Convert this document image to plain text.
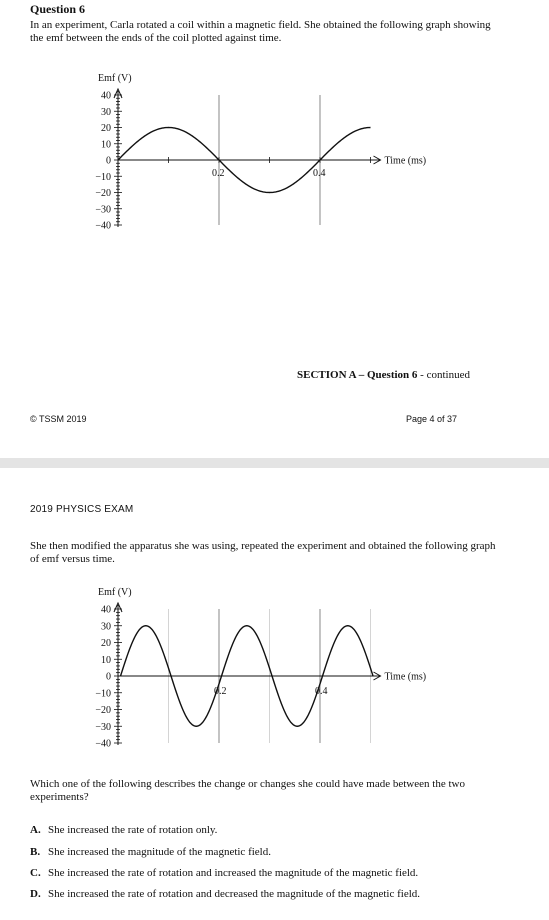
Question 6
In an experiment, Carla rotated a coil within a magnetic field. She obtained the following graph showing the emf between the ends of the coil plotted against time.
40
30
20
10
0
−10
−20
−30
−40
0.2	0.4
Emf (V)
Time (ms)
SECTION A – Question 6 - continued
© TSSM 2019	Page 4 of 37
2019 PHYSICS EXAM
She then modified the apparatus she was using, repeated the experiment and obtained the following graph of emf versus time.
40
30
20
10
0
−10
−20
−30
−40
0.2	0.4
Emf (V)
Time (ms)
Which one of the following describes the change or changes she could have made between the two experiments?
A. She increased the rate of rotation only.
B. She increased the magnitude of the magnetic field.
C. She increased the rate of rotation and increased the magnitude of the magnetic field.
D. She increased the rate of rotation and decreased the magnitude of the magnetic field.
